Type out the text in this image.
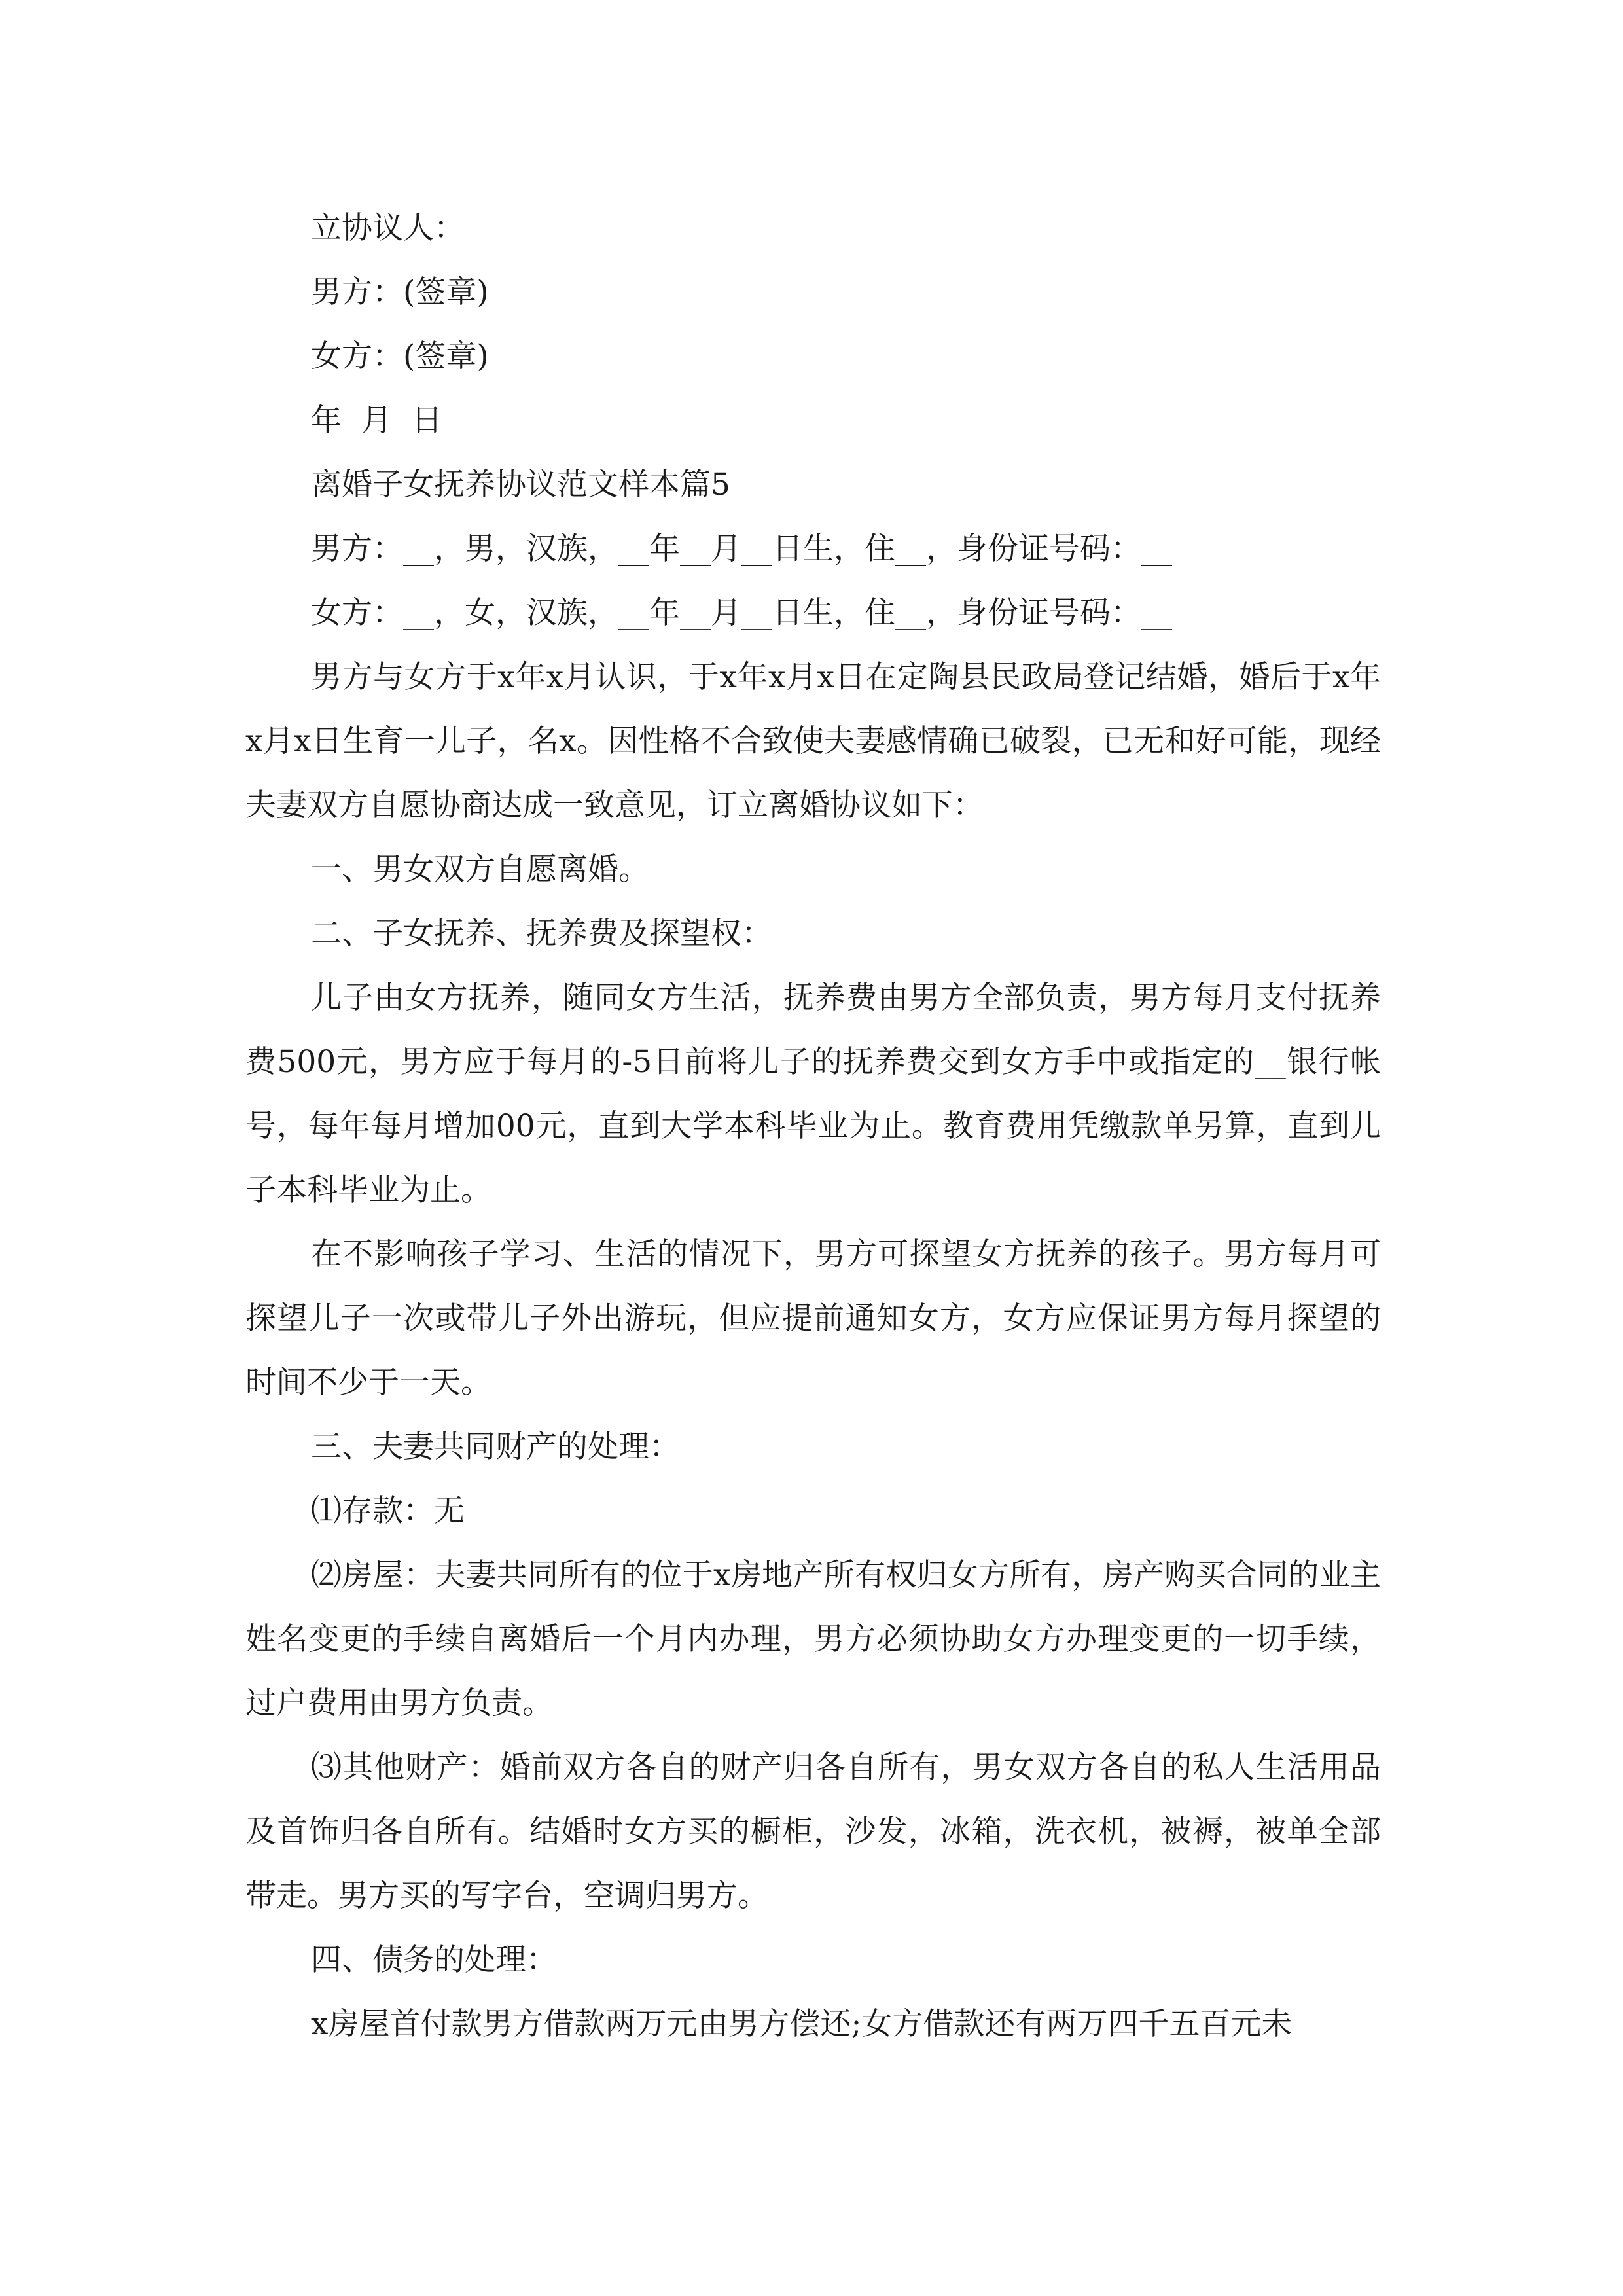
立协议人：

男方：(签章)

女方：(签章)

年  月  日

离婚子女抚养协议范文样本篇5

男方：__，男，汉族，__年__月__日生，住__，身份证号码：__

女方：__，女，汉族，__年__月__日生，住__，身份证号码：__

男方与女方于x年x月认识，于x年x月x日在定陶县民政局登记结婚，婚后于x年x月x日生育一儿子，名x。因性格不合致使夫妻感情确已破裂，已无和好可能，现经夫妻双方自愿协商达成一致意见，订立离婚协议如下：

一、男女双方自愿离婚。

二、子女抚养、抚养费及探望权：

儿子由女方抚养，随同女方生活，抚养费由男方全部负责，男方每月支付抚养费500元，男方应于每月的-5日前将儿子的抚养费交到女方手中或指定的__银行帐号，每年每月增加00元，直到大学本科毕业为止。教育费用凭缴款单另算，直到儿子本科毕业为止。

在不影响孩子学习、生活的情况下，男方可探望女方抚养的孩子。男方每月可探望儿子一次或带儿子外出游玩，但应提前通知女方，女方应保证男方每月探望的时间不少于一天。

三、夫妻共同财产的处理：

⑴存款：无

⑵房屋：夫妻共同所有的位于x房地产所有权归女方所有，房产购买合同的业主姓名变更的手续自离婚后一个月内办理，男方必须协助女方办理变更的一切手续，过户费用由男方负责。

⑶其他财产：婚前双方各自的财产归各自所有，男女双方各自的私人生活用品及首饰归各自所有。结婚时女方买的橱柜，沙发，冰箱，洗衣机，被褥，被单全部带走。男方买的写字台，空调归男方。

四、债务的处理：

x房屋首付款男方借款两万元由男方偿还;女方借款还有两万四千五百元未
